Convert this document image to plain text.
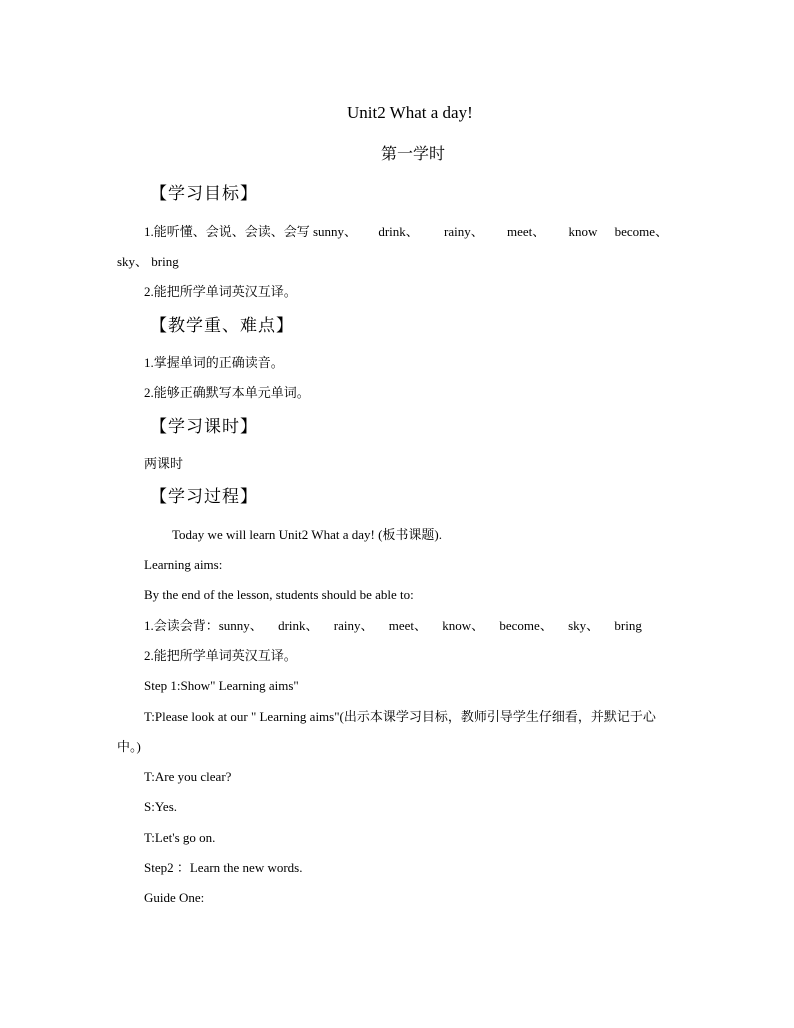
Unit2 What a day!
第一学时
【学习目标】
1.能听懂、会说、会读、会写 sunny、 drink、 rainy、 meet、 know become、
sky、 bring
2.能把所学单词英汉互译。
【教学重、难点】
1.掌握单词的正确读音。
2.能够正确默写本单元单词。
【学习课时】
两课时
【学习过程】
Today we will learn Unit2 What a day! (板书课题).
Learning aims:
By the end of the lesson, students should be able to:
1.会读会背：sunny、 drink、 rainy、 meet、 know、 become、 sky、 bring
2.能把所学单词英汉互译。
Step 1:Show" Learning aims"
T:Please look at our " Learning aims"(出示本课学习目标，教师引导学生仔细看，并默记于心
中。)
T:Are you clear?
S:Yes.
T:Let's go on.
Step2 ：Learn the new words.
Guide One:
